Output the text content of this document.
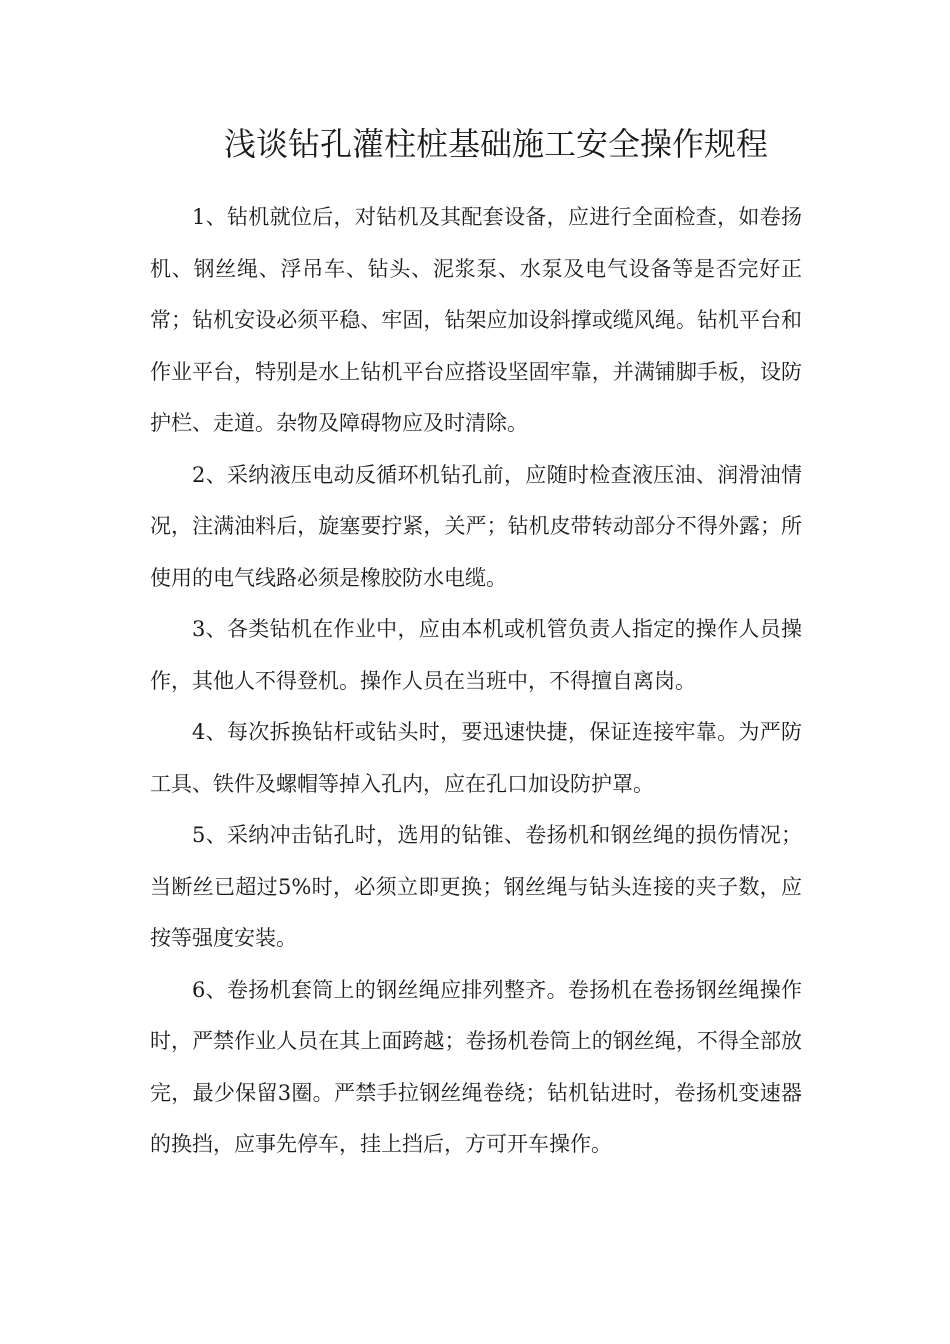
浅谈钻孔灌柱桩基础施工安全操作规程

1、钻机就位后，对钻机及其配套设备，应进行全面检查，如卷扬机、钢丝绳、浮吊车、钻头、泥浆泵、水泵及电气设备等是否完好正常；钻机安设必须平稳、牢固，钻架应加设斜撑或缆风绳。钻机平台和作业平台，特别是水上钻机平台应搭设坚固牢靠，并满铺脚手板，设防护栏、走道。杂物及障碍物应及时清除。

2、采纳液压电动反循环机钻孔前，应随时检查液压油、润滑油情况，注满油料后，旋塞要拧紧，关严；钻机皮带转动部分不得外露；所使用的电气线路必须是橡胶防水电缆。

3、各类钻机在作业中，应由本机或机管负责人指定的操作人员操作，其他人不得登机。操作人员在当班中，不得擅自离岗。

4、每次拆换钻杆或钻头时，要迅速快捷，保证连接牢靠。为严防工具、铁件及螺帽等掉入孔内，应在孔口加设防护罩。

5、采纳冲击钻孔时，选用的钻锥、卷扬机和钢丝绳的损伤情况；当断丝已超过5%时，必须立即更换；钢丝绳与钻头连接的夹子数，应按等强度安装。

6、卷扬机套筒上的钢丝绳应排列整齐。卷扬机在卷扬钢丝绳操作时，严禁作业人员在其上面跨越；卷扬机卷筒上的钢丝绳，不得全部放完，最少保留3圈。严禁手拉钢丝绳卷绕；钻机钻进时，卷扬机变速器的换挡，应事先停车，挂上挡后，方可开车操作。
